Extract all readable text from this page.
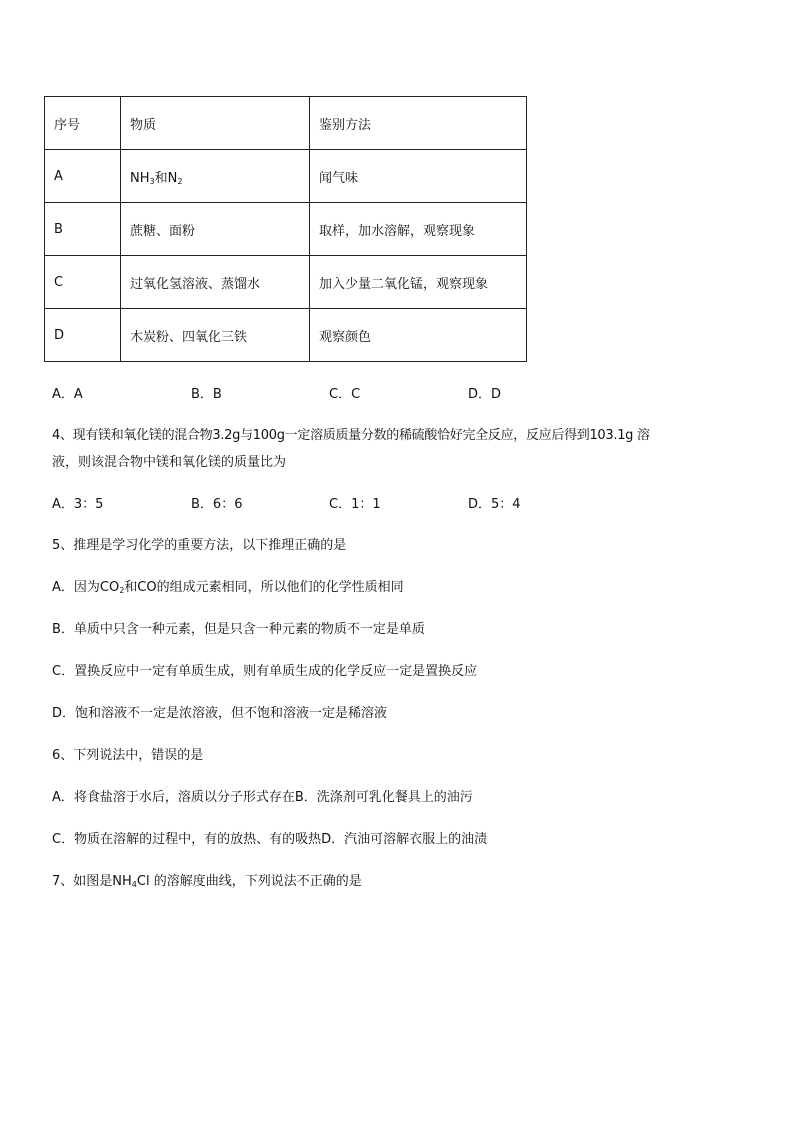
序号	物质	鉴别方法
A	$NH_3$和$N_2$	闻气味
B	蔗糖、面粉	取样，加水溶解，观察现象
C	过氧化氢溶液、蒸馏水	加入少量二氧化锰，观察现象
D	木炭粉、四氧化三铁	观察颜色
A．A	B．B	C．C	D．D
4、现有镁和氧化镁的混合物3.2g与100g一定溶质质量分数的稀硫酸恰好完全反应，反应后得到103.1g 溶
液，则该混合物中镁和氧化镁的质量比为
A．3：5	B．6：6	C．1：1	D．5：4
5、推理是学习化学的重要方法，以下推理正确的是
A．因为$CO_2$和CO的组成元素相同，所以他们的化学性质相同
B．单质中只含一种元素，但是只含一种元素的物质不一定是单质
C．置换反应中一定有单质生成，则有单质生成的化学反应一定是置换反应
D．饱和溶液不一定是浓溶液，但不饱和溶液一定是稀溶液
6、下列说法中，错误的是
A．将食盐溶于水后，溶质以分子形式存在B．洗涤剂可乳化餐具上的油污
C．物质在溶解的过程中，有的放热、有的吸热D．汽油可溶解衣服上的油渍
7、如图是$NH_4Cl$ 的溶解度曲线，下列说法不正确的是
